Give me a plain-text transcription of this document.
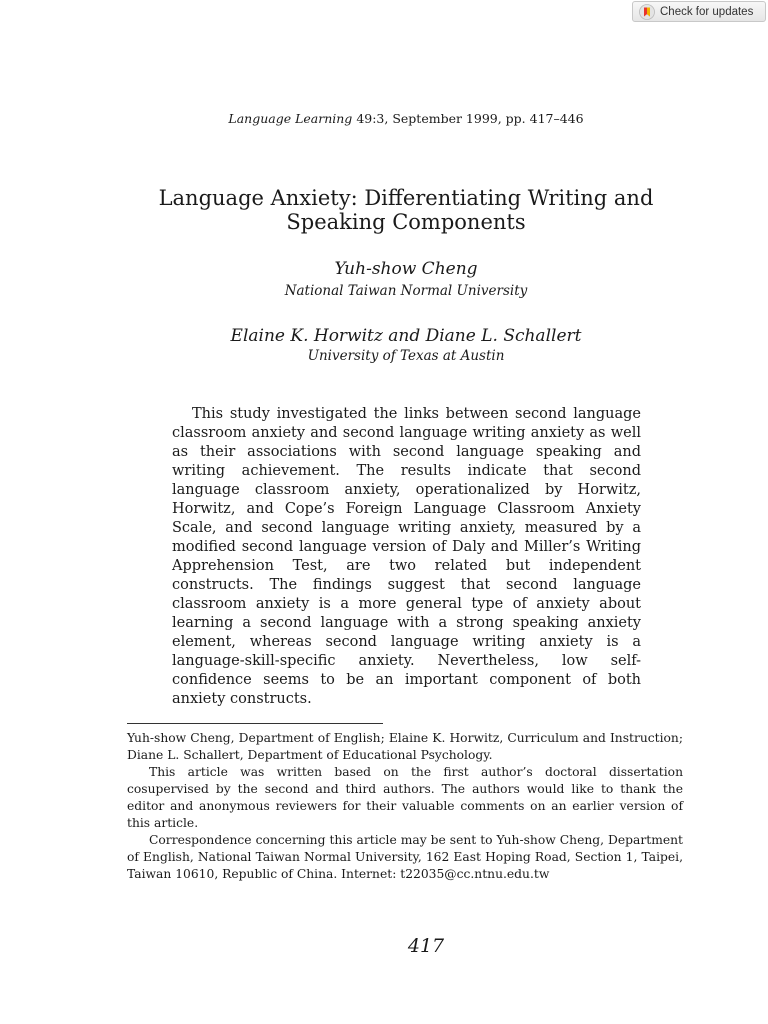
Check for updates
Language Learning 49:3, September 1999, pp. 417–446
Language Anxiety: Differentiating Writing and
Speaking Components
Yuh-show Cheng
National Taiwan Normal University
Elaine K. Horwitz and Diane L. Schallert
University of Texas at Austin

This study investigated the links between second language classroom anxiety and second language writing anxiety as well as their associations with second language speaking and writing achievement. The results indicate that second language classroom anxiety, operationalized by Horwitz, Horwitz, and Cope’s Foreign Language Classroom Anxiety Scale, and second language writing anxiety, measured by a modified second language version of Daly and Miller’s Writing Apprehension Test, are two related but independent constructs. The findings suggest that second language classroom anxiety is a more general type of anxiety about learning a second language with a strong speaking anxiety element, whereas second language writing anxiety is a language-skill-specific anxiety. Nevertheless, low self-confidence seems to be an important component of both anxiety constructs.

Yuh-show Cheng, Department of English; Elaine K. Horwitz, Curriculum and Instruction; Diane L. Schallert, Department of Educational Psychology.

This article was written based on the first author’s doctoral dissertation cosupervised by the second and third authors. The authors would like to thank the editor and anonymous reviewers for their valuable comments on an earlier version of this article.

Correspondence concerning this article may be sent to Yuh-show Cheng, Department of English, National Taiwan Normal University, 162 East Hoping Road, Section 1, Taipei, Taiwan 10610, Republic of China. Internet: t22035@cc.ntnu.edu.tw

417
